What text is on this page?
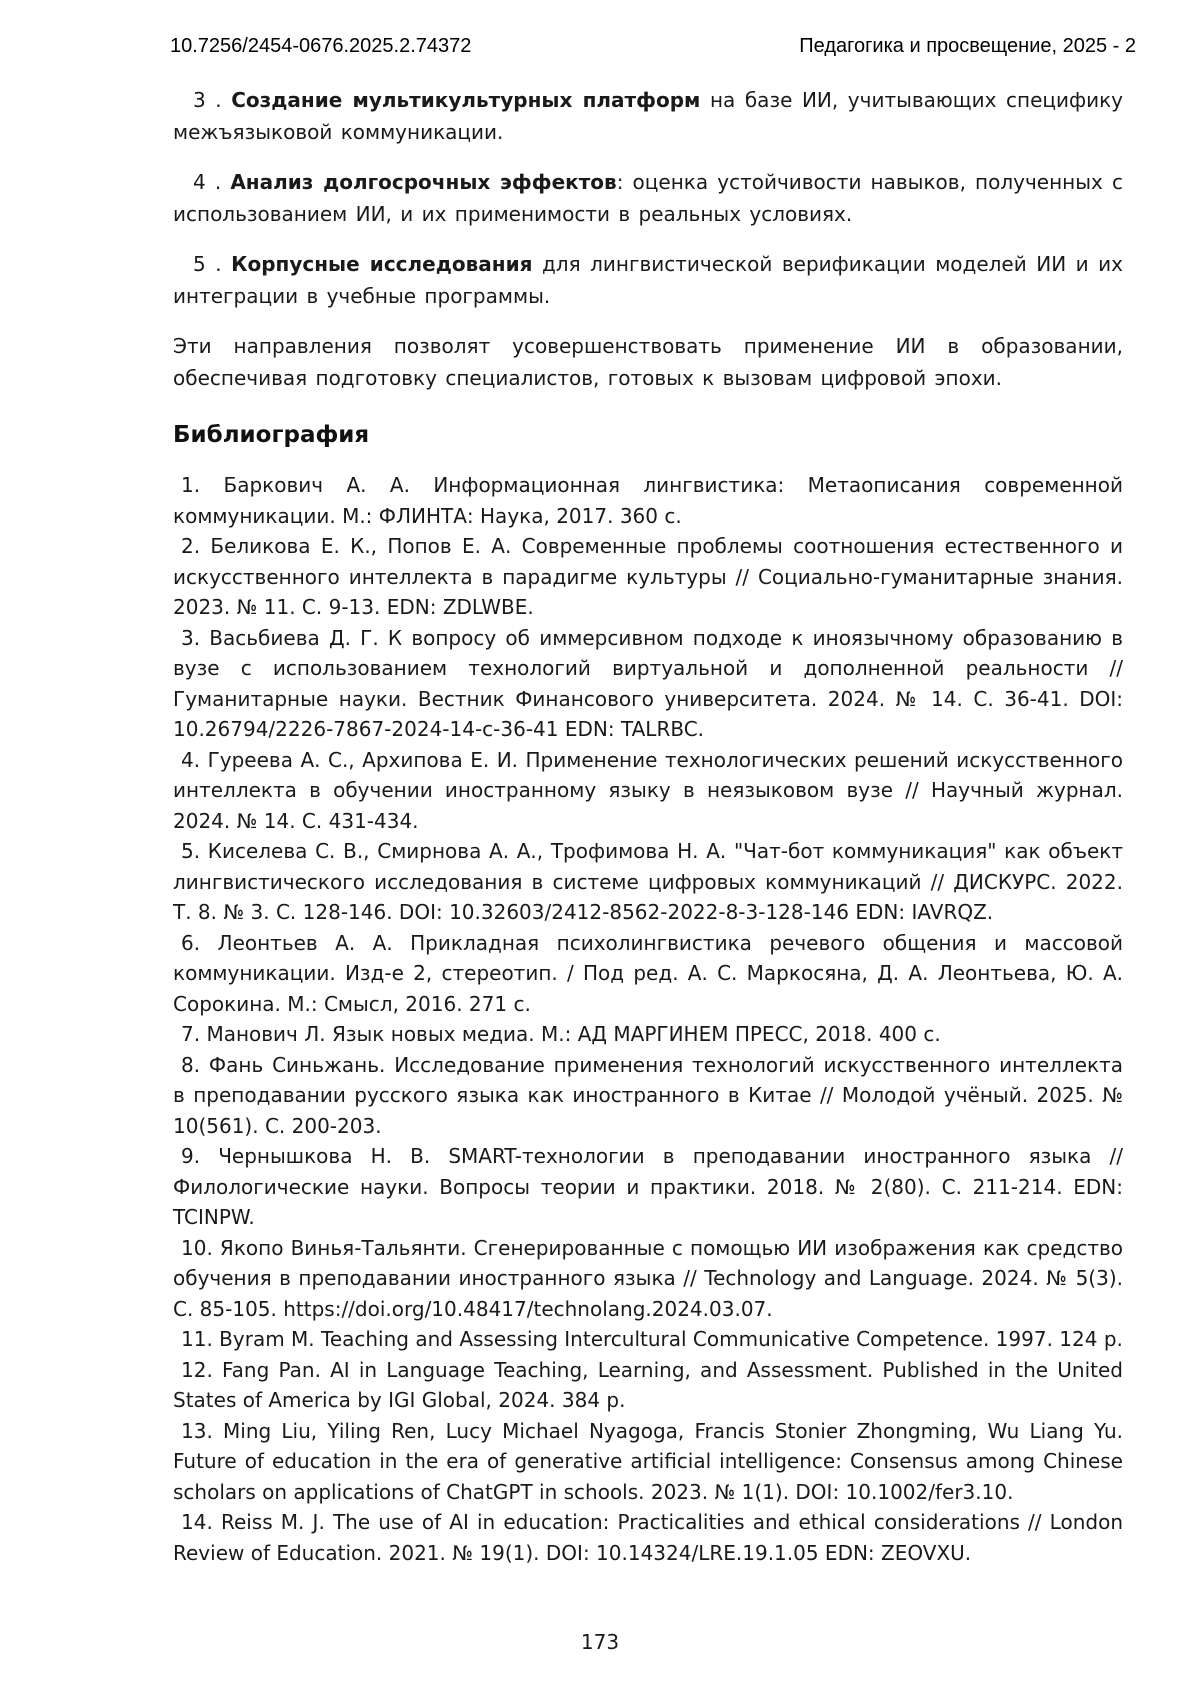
10.7256/2454-0676.2025.2.74372	Педагогика и просвещение, 2025 - 2

3 . Создание мультикультурных платформ на базе ИИ, учитывающих специфику межъязыковой коммуникации.

4 . Анализ долгосрочных эффектов: оценка устойчивости навыков, полученных с использованием ИИ, и их применимости в реальных условиях.

5 . Корпусные исследования для лингвистической верификации моделей ИИ и их интеграции в учебные программы.

Эти направления позволят усовершенствовать применение ИИ в образовании, обеспечивая подготовку специалистов, готовых к вызовам цифровой эпохи.

Библиография

1. Баркович А. А. Информационная лингвистика: Метаописания современной коммуникации. М.: ФЛИНТА: Наука, 2017. 360 с.

2. Беликова Е. К., Попов Е. А. Современные проблемы соотношения естественного и искусственного интеллекта в парадигме культуры // Социально-гуманитарные знания. 2023. № 11. С. 9-13. EDN: ZDLWBE.

3. Васьбиева Д. Г. К вопросу об иммерсивном подходе к иноязычному образованию в вузе с использованием технологий виртуальной и дополненной реальности // Гуманитарные науки. Вестник Финансового университета. 2024. № 14. С. 36-41. DOI: 10.26794/2226-7867-2024-14-c-36-41 EDN: TALRBC.

4. Гуреева А. С., Архипова Е. И. Применение технологических решений искусственного интеллекта в обучении иностранному языку в неязыковом вузе // Научный журнал. 2024. № 14. С. 431-434.

5. Киселева С. В., Смирнова А. А., Трофимова Н. А. "Чат-бот коммуникация" как объект лингвистического исследования в системе цифровых коммуникаций // ДИСКУРС. 2022. Т. 8. № 3. С. 128-146. DOI: 10.32603/2412-8562-2022-8-3-128-146 EDN: IAVRQZ.

6. Леонтьев А. А. Прикладная психолингвистика речевого общения и массовой коммуникации. Изд-е 2, стереотип. / Под ред. А. С. Маркосяна, Д. А. Леонтьева, Ю. А. Сорокина. М.: Смысл, 2016. 271 с.

7. Манович Л. Язык новых медиа. М.: АД МАРГИНЕМ ПРЕСС, 2018. 400 с.

8. Фань Синьжань. Исследование применения технологий искусственного интеллекта в преподавании русского языка как иностранного в Китае // Молодой учёный. 2025. № 10(561). С. 200-203.

9. Чернышкова Н. В. SMART-технологии в преподавании иностранного языка // Филологические науки. Вопросы теории и практики. 2018. № 2(80). С. 211-214. EDN: TCINPW.

10. Якопо Винья-Тальянти. Сгенерированные с помощью ИИ изображения как средство обучения в преподавании иностранного языка // Technology and Language. 2024. № 5(3). С. 85-105. https://doi.org/10.48417/technolang.2024.03.07.

11. Byram M. Teaching and Assessing Intercultural Communicative Competence. 1997. 124 p.

12. Fang Pan. AI in Language Teaching, Learning, and Assessment. Published in the United States of America by IGI Global, 2024. 384 p.

13. Ming Liu, Yiling Ren, Lucy Michael Nyagoga, Francis Stonier Zhongming, Wu Liang Yu. Future of education in the era of generative artificial intelligence: Consensus among Chinese scholars on applications of ChatGPT in schools. 2023. № 1(1). DOI: 10.1002/fer3.10.

14. Reiss M. J. The use of AI in education: Practicalities and ethical considerations // London Review of Education. 2021. № 19(1). DOI: 10.14324/LRE.19.1.05 EDN: ZEOVXU.

173
